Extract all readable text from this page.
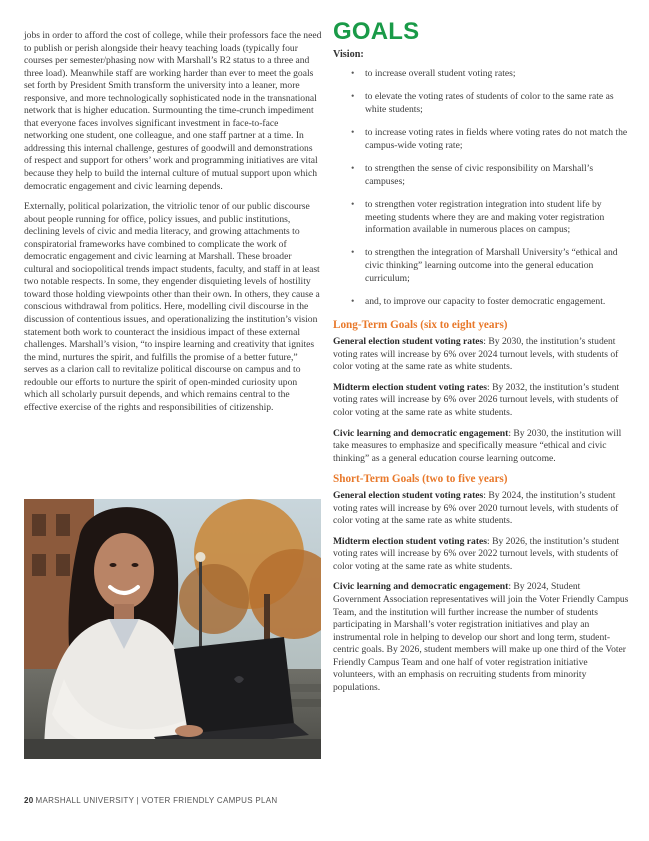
jobs in order to afford the cost of college, while their professors face the need to publish or perish alongside their heavy teaching loads (typically four courses per semester/phasing now with Marshall’s R2 status to a three and three load). Meanwhile staff are working harder than ever to meet the goals set forth by President Smith transform the university into a leaner, more responsive, and more technologically sophisticated node in the transnational network that is higher education. Surmounting the time-crunch impediment that everyone faces involves significant investment in face-to-face networking one student, one colleague, and one staff partner at a time. In addressing this internal challenge, gestures of goodwill and demonstrations of respect and support for others’ work and programming initiatives are vital because they help to build the internal culture of mutual support upon which democratic engagement and civic learning depends.

Externally, political polarization, the vitriolic tenor of our public discourse about people running for office, policy issues, and public institutions, declining levels of civic and media literacy, and growing attachments to conspiratorial frameworks have combined to complicate the work of democratic engagement and civic learning at Marshall. These broader cultural and sociopolitical trends impact students, faculty, and staff in at least two notable respects. In some, they engender disquieting levels of hostility toward those holding viewpoints other than their own. In others, they cause a conscious withdrawal from politics. Here, modelling civil discourse in the discussion of contentious issues, and operationalizing the institution’s vision statement both work to counteract the insidious impact of these external challenges. Marshall’s vision, “to inspire learning and creativity that ignites the mind, nurtures the spirit, and fulfills the promise of a better future,” serves as a clarion call to revitalize political discourse on campus and to redouble our efforts to nurture the spirit of open-minded curiosity upon which all scholarly pursuit depends, and which remains central to the effective exercise of the rights and responsibilities of citizenship.

GOALS
Vision:
• to increase overall student voting rates;
• to elevate the voting rates of students of color to the same rate as white students;
• to increase voting rates in fields where voting rates do not match the campus-wide voting rate;
• to strengthen the sense of civic responsibility on Marshall’s campuses;
• to strengthen voter registration integration into student life by meeting students where they are and making voter registration information available in numerous places on campus;
• to strengthen the integration of Marshall University’s “ethical and civic thinking” learning outcome into the general education curriculum;
• and, to improve our capacity to foster democratic engagement.
Long-Term Goals (six to eight years)

General election student voting rates: By 2030, the institution’s student voting rates will increase by 6% over 2024 turnout levels, with students of color voting at the same rate as white students.

Midterm election student voting rates: By 2032, the institution’s student voting rates will increase by 6% over 2026 turnout levels, with students of color voting at the same rate as white students.

Civic learning and democratic engagement: By 2030, the institution will take measures to emphasize and specifically measure “ethical and civic thinking” as a general education course learning outcome.

Short-Term Goals (two to five years)

General election student voting rates: By 2024, the institution’s student voting rates will increase by 6% over 2020 turnout levels, with students of color voting at the same rate as white students.

Midterm election student voting rates: By 2026, the institution’s student voting rates will increase by 6% over 2022 turnout levels, with students of color voting at the same rate as white students.

Civic learning and democratic engagement: By 2024, Student Government Association representatives will join the Voter Friendly Campus Team, and the institution will further increase the number of students participating in Marshall’s voter registration initiatives and play an instrumental role in helping to develop our short and long term, student-centric goals. By 2026, student members will make up one third of the Voter Friendly Campus Team and one half of voter registration initiative volunteers, with an emphasis on recruiting students from minority populations.

20 MARSHALL UNIVERSITY | VOTER FRIENDLY CAMPUS PLAN
